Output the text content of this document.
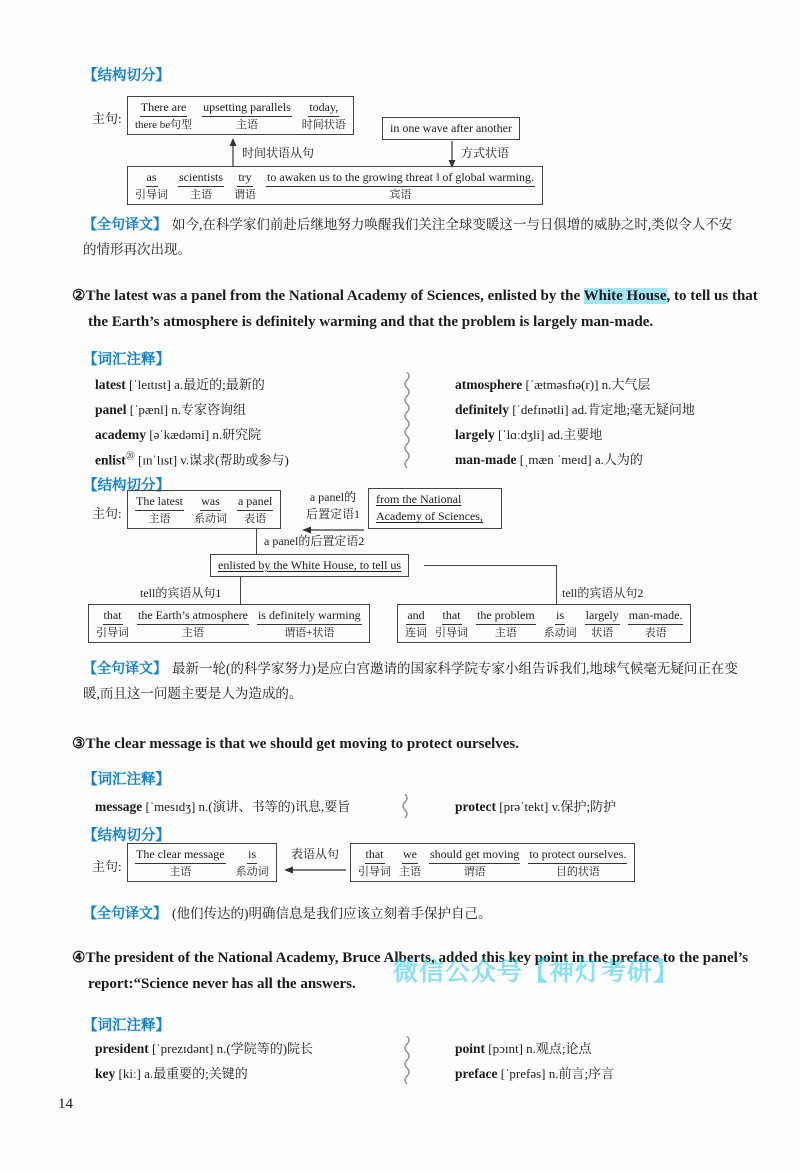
【结构切分】
主句:
There are
there be句型
upsetting parallels
主语
today,
时间状语	in one wave after another
时间状语从句	方式状语
as
引导词
scientists
主语
try
谓语
to awaken us to the growing threat ‖ of global warming.
宾语

【全句译文】 如今,在科学家们前赴后继地努力唤醒我们关注全球变暖这一与日俱增的威胁之时,类似令人不安的情形再次出现。

②The latest was a panel from the National Academy of Sciences, enlisted by the White House, to tell us that the Earth’s atmosphere is definitely warming and that the problem is largely man-made.

【词汇注释】
latest [ˈleɪtɪst] a.最近的;最新的
panel [ˈpænl] n.专家咨询组
academy [əˈkædəmi] n.研究院
enlist⑳ [ɪnˈlɪst] v.谋求(帮助或参与)
atmosphere [ˈætməsfɪə(r)] n.大气层
definitely [ˈdefɪnətli] ad.肯定地;毫无疑问地
largely [ˈlɑːdʒli] ad.主要地
man-made [ˌmæn ˈmeɪd] a.人为的
【结构切分】
主句:
The latest
主语
was
系动词
a panel
表语
a panel的
后置定语1
from the National Academy of Sciences,
a panel的后置定语2
enlisted by the White House, to tell us
tell的宾语从句1	tell的宾语从句2
that
引导词
the Earth’s atmosphere
主语
is definitely warming
谓语+状语
and
连词
that
引导词
the problem
主语
is
系动词
largely
状语
man-made.
表语

【全句译文】 最新一轮(的科学家努力)是应白宫邀请的国家科学院专家小组告诉我们,地球气候毫无疑问正在变暖,而且这一问题主要是人为造成的。

③The clear message is that we should get moving to protect ourselves.

【词汇注释】
message [ˈmesɪdʒ] n.(演讲、书等的)讯息,要旨	protect [prəˈtekt] v.保护;防护
【结构切分】
主句:
The clear message
主语
is
系动词
表语从句	that
引导词
we
主语
should get moving
谓语
to protect ourselves.
目的状语

【全句译文】 (他们传达的)明确信息是我们应该立刻着手保护自己。

微信公众号【神灯考研】

④The president of the National Academy, Bruce Alberts, added this key point in the preface to the panel’s report:“Science never has all the answers.

【词汇注释】
president [ˈprezɪdənt] n.(学院等的)院长
key [kiː] a.最重要的;关键的
point [pɔɪnt] n.观点;论点
preface [ˈprefəs] n.前言;序言
14
